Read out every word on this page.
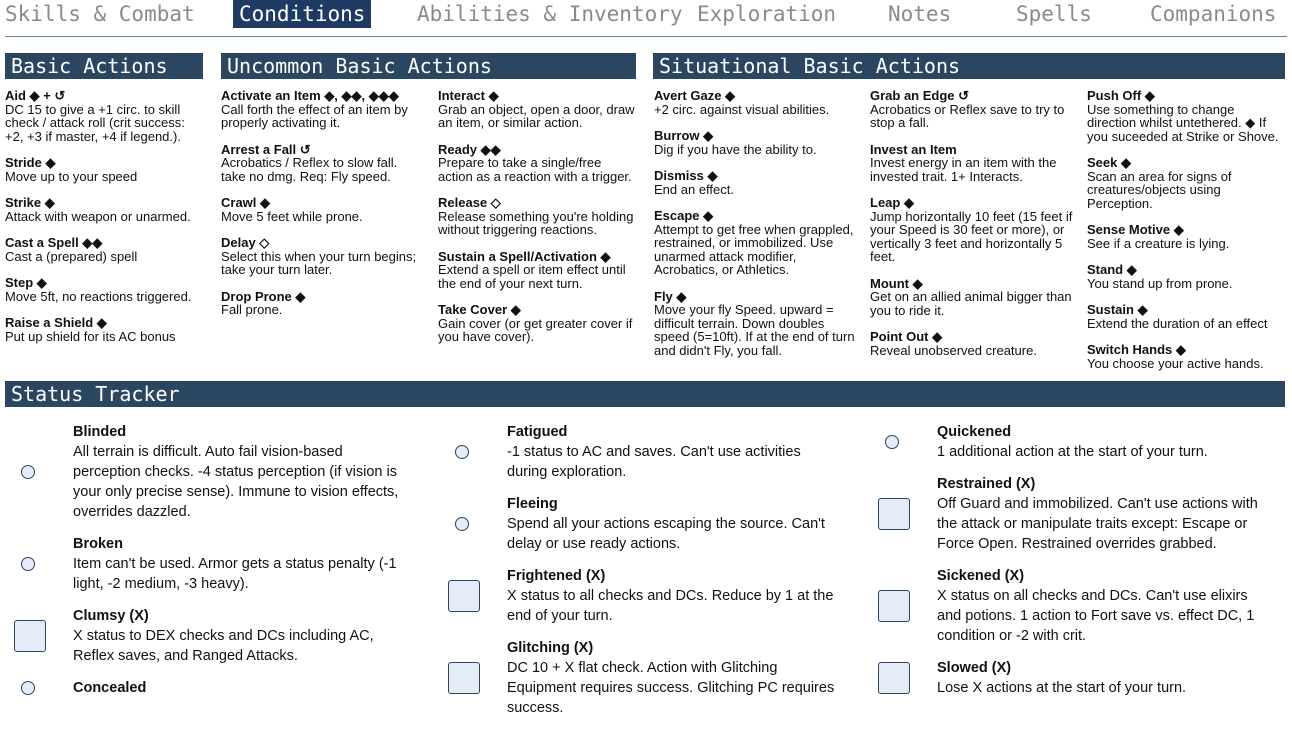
Skills & Combat Conditions Abilities & Inventory Exploration Notes	Spells	Companions
Basic Actions	Uncommon Basic Actions	Situational Basic Actions
Aid ◆ + ↺
DC 15 to give a +1 circ. to skill check / attack roll (crit success: +2, +3 if master, +4 if legend.).
Stride ◆
Move up to your speed
Strike ◆
Attack with weapon or unarmed.
Cast a Spell ◆◆
Cast a (prepared) spell
Step ◆
Move 5ft, no reactions triggered.
Raise a Shield ◆
Put up shield for its AC bonus
Activate an Item ◆, ◆◆, ◆◆◆
Call forth the effect of an item by properly activating it.
Arrest a Fall ↺
Acrobatics / Reflex to slow fall. take no dmg. Req: Fly speed.
Crawl ◆
Move 5 feet while prone.
Delay ◇
Select this when your turn begins; take your turn later.
Drop Prone ◆
Fall prone.
Interact ◆
Grab an object, open a door, draw an item, or similar action.
Ready ◆◆
Prepare to take a single/free action as a reaction with a trigger.
Release ◇
Release something you're holding without triggering reactions.
Sustain a Spell/Activation ◆
Extend a spell or item effect until the end of your next turn.
Take Cover ◆
Gain cover (or get greater cover if you have cover).
Avert Gaze ◆
+2 circ. against visual abilities.
Burrow ◆
Dig if you have the ability to.
Dismiss ◆
End an effect.
Escape ◆
Attempt to get free when grappled, restrained, or immobilized. Use unarmed attack modifier, Acrobatics, or Athletics.
Fly ◆
Move your fly Speed. upward = difficult terrain. Down doubles speed (5=10ft). If at the end of turn and didn't Fly, you fall.
Grab an Edge ↺
Acrobatics or Reflex save to try to stop a fall.
Invest an Item
Invest energy in an item with the invested trait. 1+ Interacts.
Leap ◆
Jump horizontally 10 feet (15 feet if your Speed is 30 feet or more), or vertically 3 feet and horizontally 5 feet.
Mount ◆
Get on an allied animal bigger than you to ride it.
Point Out ◆
Reveal unobserved creature.
Push Off ◆
Use something to change direction whilst untethered. ◆ If you suceeded at Strike or Shove.
Seek ◆
Scan an area for signs of creatures/objects using Perception.
Sense Motive ◆
See if a creature is lying.
Stand ◆
You stand up from prone.
Sustain ◆
Extend the duration of an effect
Switch Hands ◆
You choose your active hands.
Status Tracker
Blinded
All terrain is difficult. Auto fail vision-based perception checks. -4 status perception (if vision is your only precise sense). Immune to vision effects, overrides dazzled.
Broken
Item can't be used. Armor gets a status penalty (-1 light, -2 medium, -3 heavy).
Clumsy (X)
X status to DEX checks and DCs including AC, Reflex saves, and Ranged Attacks.
Concealed
Fatigued
-1 status to AC and saves. Can't use activities during exploration.
Fleeing
Spend all your actions escaping the source. Can't delay or use ready actions.
Frightened (X)
X status to all checks and DCs. Reduce by 1 at the end of your turn.
Glitching (X)
DC 10 + X flat check. Action with Glitching Equipment requires success. Glitching PC requires success.
Quickened
1 additional action at the start of your turn.
Restrained (X)
Off Guard and immobilized. Can't use actions with the attack or manipulate traits except: Escape or Force Open. Restrained overrides grabbed.
Sickened (X)
X status on all checks and DCs. Can't use elixirs and potions. 1 action to Fort save vs. effect DC, 1 condition or -2 with crit.
Slowed (X)
Lose X actions at the start of your turn.
